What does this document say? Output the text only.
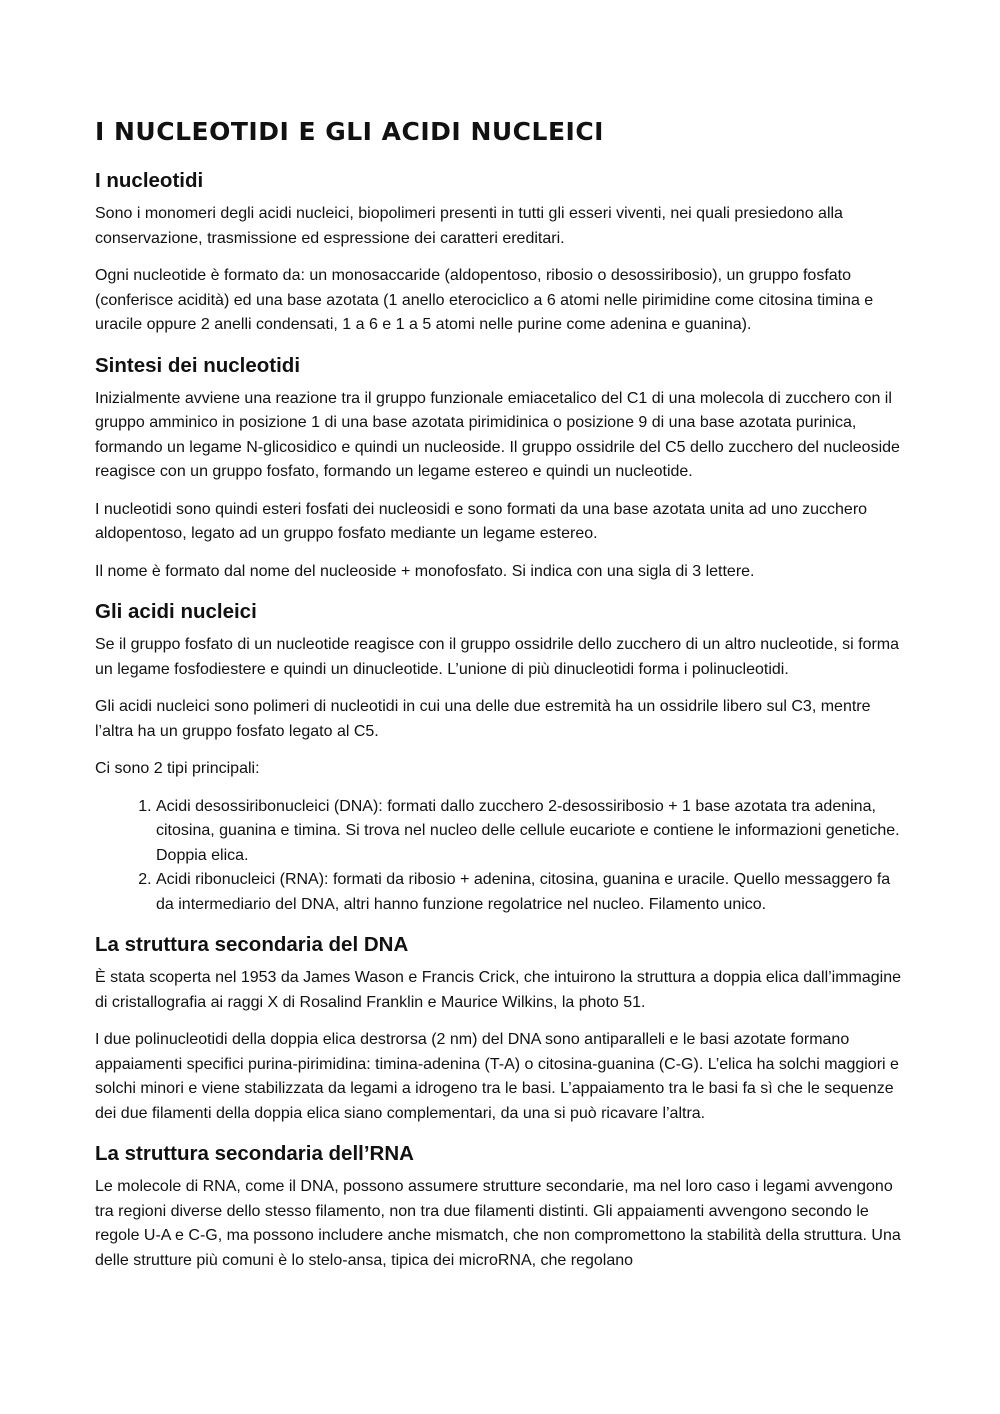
I NUCLEOTIDI E GLI ACIDI NUCLEICI
I nucleotidi

Sono i monomeri degli acidi nucleici, biopolimeri presenti in tutti gli esseri viventi, nei quali presiedono alla conservazione, trasmissione ed espressione dei caratteri ereditari.

Ogni nucleotide è formato da: un monosaccaride (aldopentoso, ribosio o desossiribosio), un gruppo fosfato (conferisce acidità) ed una base azotata (1 anello eterociclico a 6 atomi nelle pirimidine come citosina timina e uracile oppure 2 anelli condensati, 1 a 6 e 1 a 5 atomi nelle purine come adenina e guanina).

Sintesi dei nucleotidi

Inizialmente avviene una reazione tra il gruppo funzionale emiacetalico del C1 di una molecola di zucchero con il gruppo amminico in posizione 1 di una base azotata pirimidinica o posizione 9 di una base azotata purinica, formando un legame N-glicosidico e quindi un nucleoside. Il gruppo ossidrile del C5 dello zucchero del nucleoside reagisce con un gruppo fosfato, formando un legame estereo e quindi un nucleotide.

I nucleotidi sono quindi esteri fosfati dei nucleosidi e sono formati da una base azotata unita ad uno zucchero aldopentoso, legato ad un gruppo fosfato mediante un legame estereo.

Il nome è formato dal nome del nucleoside + monofosfato. Si indica con una sigla di 3 lettere.

Gli acidi nucleici

Se il gruppo fosfato di un nucleotide reagisce con il gruppo ossidrile dello zucchero di un altro nucleotide, si forma un legame fosfodiestere e quindi un dinucleotide. L’unione di più dinucleotidi forma i polinucleotidi.

Gli acidi nucleici sono polimeri di nucleotidi in cui una delle due estremità ha un ossidrile libero sul C3, mentre l’altra ha un gruppo fosfato legato al C5.

Ci sono 2 tipi principali:

1. Acidi desossiribonucleici (DNA): formati dallo zucchero 2-desossiribosio + 1 base azotata tra adenina, citosina, guanina e timina. Si trova nel nucleo delle cellule eucariote e contiene le informazioni genetiche. Doppia elica.
2. Acidi ribonucleici (RNA): formati da ribosio + adenina, citosina, guanina e uracile. Quello messaggero fa da intermediario del DNA, altri hanno funzione regolatrice nel nucleo. Filamento unico.
La struttura secondaria del DNA

È stata scoperta nel 1953 da James Wason e Francis Crick, che intuirono la struttura a doppia elica dall’immagine di cristallografia ai raggi X di Rosalind Franklin e Maurice Wilkins, la photo 51.

I due polinucleotidi della doppia elica destrorsa (2 nm) del DNA sono antiparalleli e le basi azotate formano appaiamenti specifici purina-pirimidina: timina-adenina (T-A) o citosina-guanina (C-G). L’elica ha solchi maggiori e solchi minori e viene stabilizzata da legami a idrogeno tra le basi. L’appaiamento tra le basi fa sì che le sequenze dei due filamenti della doppia elica siano complementari, da una si può ricavare l’altra.

La struttura secondaria dell’RNA

Le molecole di RNA, come il DNA, possono assumere strutture secondarie, ma nel loro caso i legami avvengono tra regioni diverse dello stesso filamento, non tra due filamenti distinti. Gli appaiamenti avvengono secondo le regole U-A e C-G, ma possono includere anche mismatch, che non compromettono la stabilità della struttura. Una delle strutture più comuni è lo stelo-ansa, tipica dei microRNA, che regolano
